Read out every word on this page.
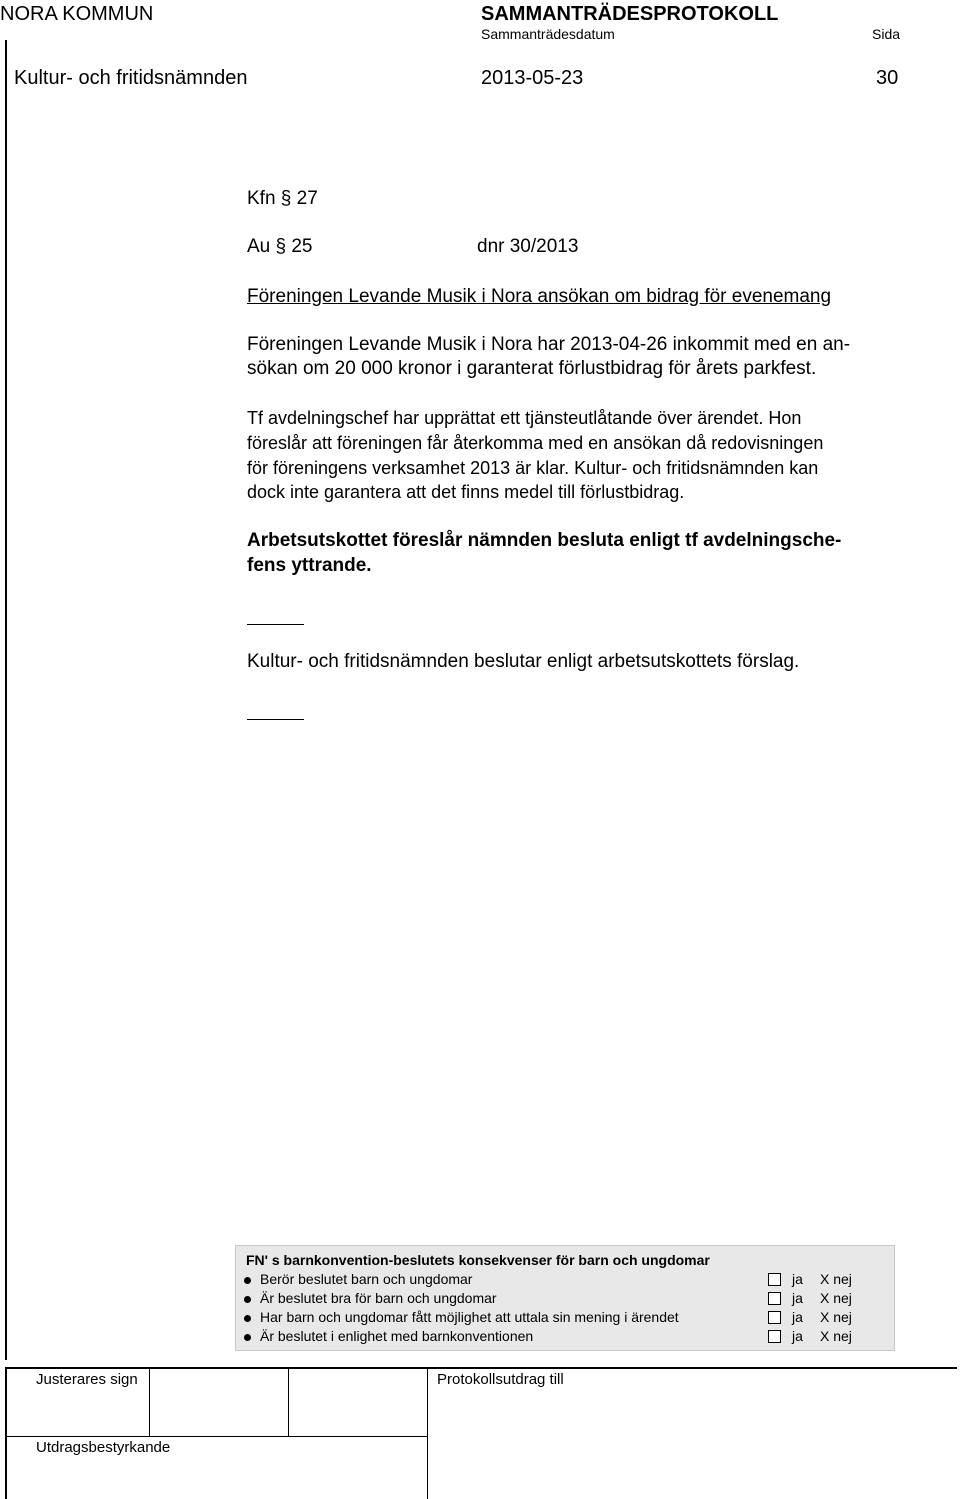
NORA KOMMUN	SAMMANTRÄDESPROTOKOLL
Sammanträdesdatum	Sida
Kultur- och fritidsnämnden	2013-05-23	30
Kfn § 27
Au § 25	dnr 30/2013
Föreningen Levande Musik i Nora ansökan om bidrag för evenemang
Föreningen Levande Musik i Nora har 2013-04-26 inkommit med en an-
sökan om 20 000 kronor i garanterat förlustbidrag för årets parkfest.
Tf avdelningschef har upprättat ett tjänsteutlåtande över ärendet. Hon
föreslår att föreningen får återkomma med en ansökan då redovisningen
för föreningens verksamhet 2013 är klar. Kultur- och fritidsnämnden kan
dock inte garantera att det finns medel till förlustbidrag.
Arbetsutskottet föreslår nämnden besluta enligt tf avdelningsche-
fens yttrande.
Kultur- och fritidsnämnden beslutar enligt arbetsutskottets förslag.
FN' s barnkonvention-beslutets konsekvenser för barn och ungdomar
Berör beslutet barn och ungdomar	ja X nej
Är beslutet bra för barn och ungdomar	ja X nej
Har barn och ungdomar fått möjlighet att uttala sin mening i ärendet	ja X nej
Är beslutet i enlighet med barnkonventionen	ja X nej
Justerares sign	Protokollsutdrag till
Utdragsbestyrkande
